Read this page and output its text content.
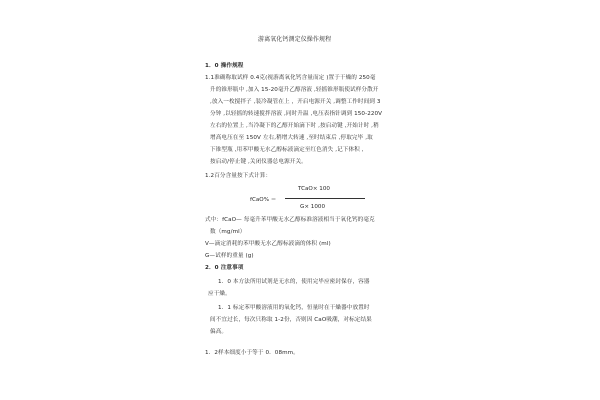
游离氧化钙测定仪操作规程
1．0 操作规程
1.1准确称取试样 0.4克(视游离氧化钙含量而定 )置于干燥的 250毫
升的锥形瓶中 ,加入 15-20毫升乙醇溶液 ,轻摇锥形瓶使试样分散开
,放入一枚搅拌子 ,装冷凝管在上 ，开启电源开关 ,调整工作时间到 3
分钟 ,以轻摇的转速搅拌溶液 ,同时升温 ,电压表指针调到 150-220V
左右的位置上 ,当冷凝下的乙醇开始滴下时 ,按启动键 ,开始计时 ,稍
增高电压在至 150V 左右,稍增大转速 ,至时结束后 ,停取完毕 ,取
下锥型瓶 ,用苯甲酸无水乙醇标液滴定至红色消失 ,记下体积 ,
按启动/停止键 ,关闭仪器总电源开关。
1.2百分含量按下式计算：
TCaO× 100
fCaO% ＝
G× 1000
式中：fCaO— 每毫升苯甲酸无水乙醇标准溶液相当于氧化钙的毫克
数（mg/ml）
V—滴定消耗的苯甲酸无水乙醇标液滴的体积 (ml)
G—试样的重量 (g)
2．0 注意事项
1．0 本方法所用试剂是无水的，使用完毕应密封保存，容器
应干燥。
1．1 标定苯甲酸溶液用的氧化钙，恒量时在干燥器中放置时
间不宜过长，每次只称取 1-2份，否则因 CaO吸潮，对标定结果
偏高。
1．2样本细度小于等于 0．08mm。
